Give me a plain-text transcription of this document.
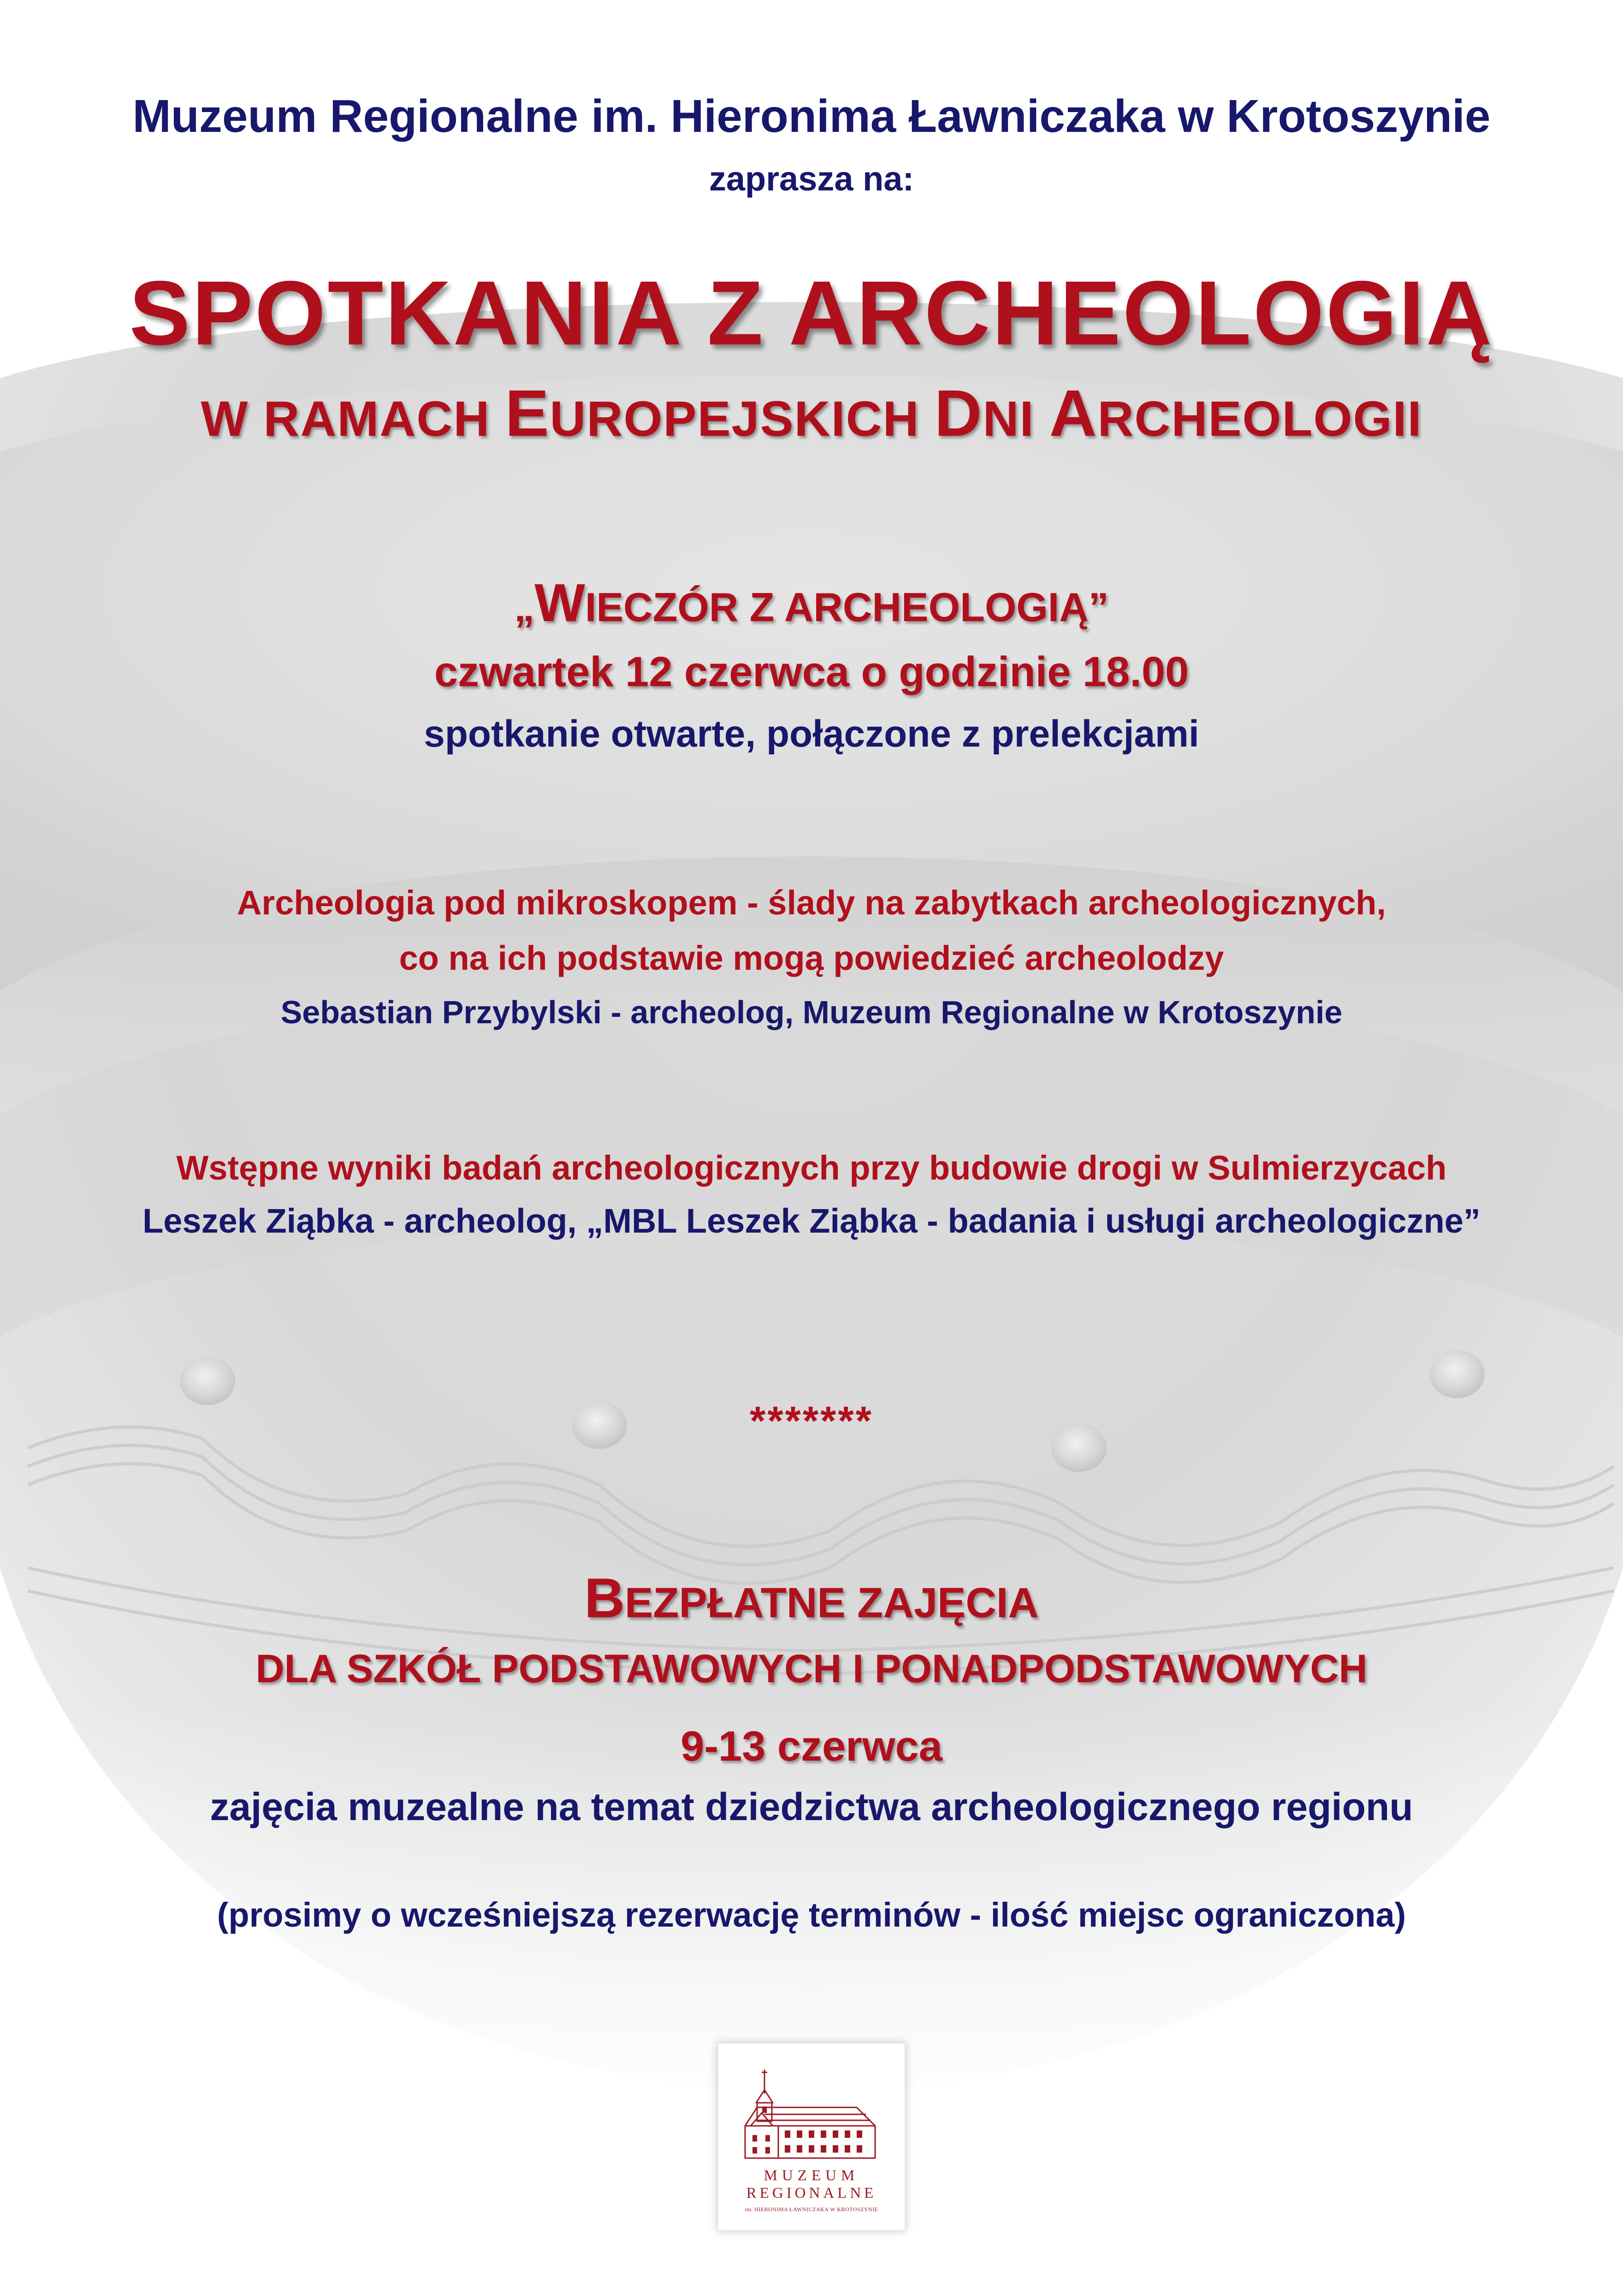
Muzeum Regionalne im. Hieronima Ławniczaka w Krotoszynie

zaprasza na:

SPOTKANIA Z ARCHEOLOGIĄ

W RAMACH EUROPEJSKICH DNI ARCHEOLOGII

„WIECZÓR Z ARCHEOLOGIĄ”

czwartek 12 czerwca o godzinie 18.00

spotkanie otwarte, połączone z prelekcjami

Archeologia pod mikroskopem - ślady na zabytkach archeologicznych,

co na ich podstawie mogą powiedzieć archeolodzy

Sebastian Przybylski - archeolog, Muzeum Regionalne w Krotoszynie

Wstępne wyniki badań archeologicznych przy budowie drogi w Sulmierzycach

Leszek Ziąbka - archeolog, „MBL Leszek Ziąbka - badania i usługi archeologiczne”

*******

BEZPŁATNE ZAJĘCIA

DLA SZKÓŁ PODSTAWOWYCH I PONADPODSTAWOWYCH

9-13 czerwca

zajęcia muzealne na temat dziedzictwa archeologicznego regionu

(prosimy o wcześniejszą rezerwację terminów - ilość miejsc ograniczona)

MUZEUM
REGIONALNE
im. HIERONIMA ŁAWNICZAKA W KROTOSZYNIE
